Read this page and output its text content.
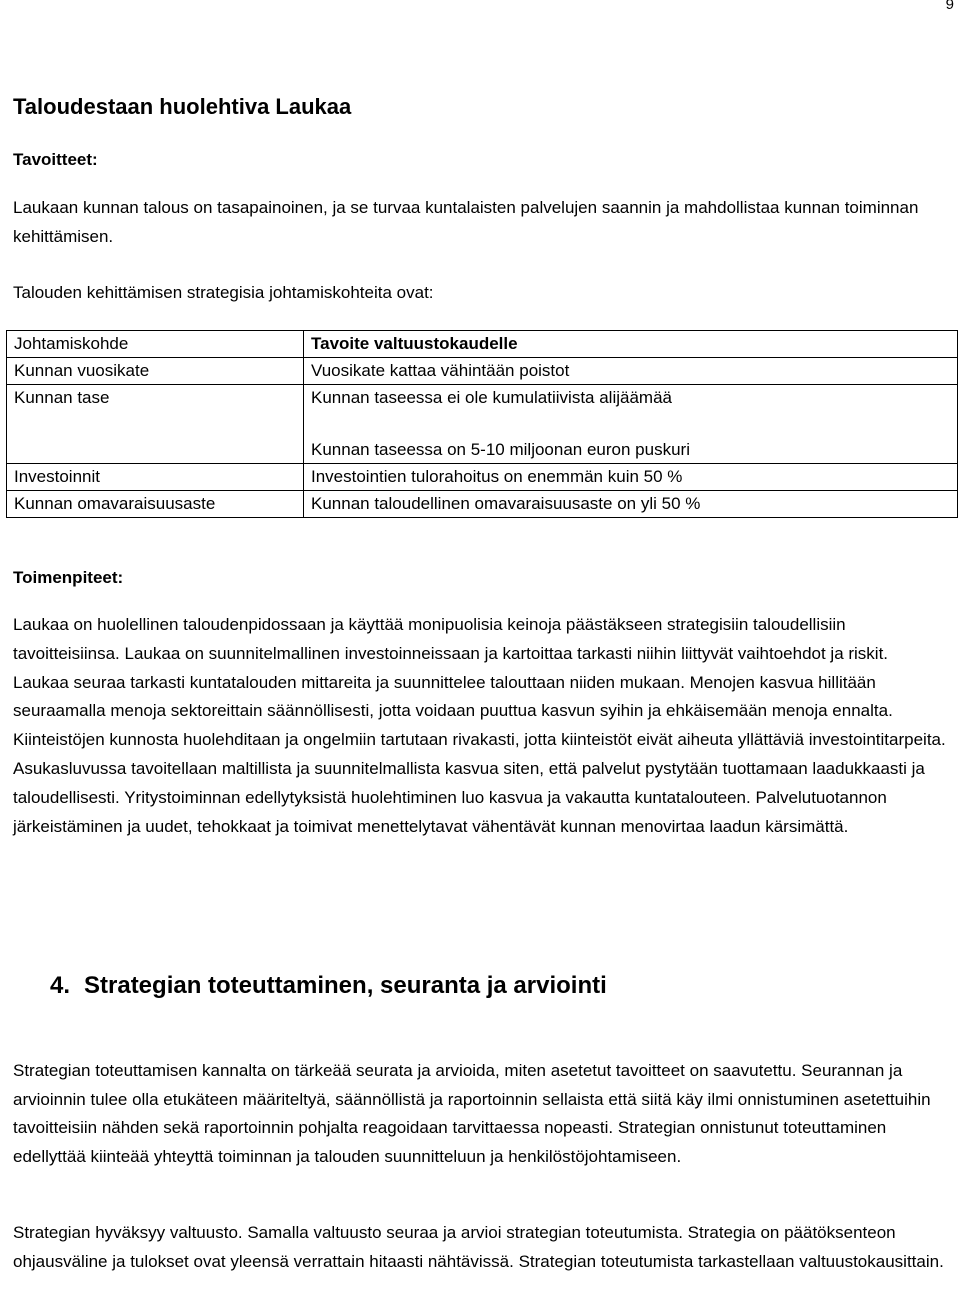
9
Taloudestaan huolehtiva Laukaa
Tavoitteet:

Laukaan kunnan talous on tasapainoinen, ja se turvaa kuntalaisten palvelujen saannin ja mahdollistaa kunnan toiminnan kehittämisen.

Talouden kehittämisen strategisia johtamiskohteita ovat:

Johtamiskohde	Tavoite valtuustokaudelle
Kunnan vuosikate	Vuosikate kattaa vähintään poistot
Kunnan tase	Kunnan taseessa ei ole kumulatiivista alijäämää
Kunnan taseessa on 5-10 miljoonan euron puskuri

Investoinnit	Investointien tulorahoitus on enemmän kuin 50 %
Kunnan omavaraisuusaste	Kunnan taloudellinen omavaraisuusaste on yli 50 %
Toimenpiteet:

Laukaa on huolellinen taloudenpidossaan ja käyttää monipuolisia keinoja päästäkseen strategisiin taloudellisiin tavoitteisiinsa. Laukaa on suunnitelmallinen investoinneissaan ja kartoittaa tarkasti niihin liittyvät vaihtoehdot ja riskit. Laukaa seuraa tarkasti kuntatalouden mittareita ja suunnittelee talouttaan niiden mukaan. Menojen kasvua hillitään seuraamalla menoja sektoreittain säännöllisesti, jotta voidaan puuttua kasvun syihin ja ehkäisemään menoja ennalta. Kiinteistöjen kunnosta huolehditaan ja ongelmiin tartutaan rivakasti, jotta kiinteistöt eivät aiheuta yllättäviä investointitarpeita. Asukasluvussa tavoitellaan maltillista ja suunnitelmallista kasvua siten, että palvelut pystytään tuottamaan laadukkaasti ja taloudellisesti. Yritystoiminnan edellytyksistä huolehtiminen luo kasvua ja vakautta kuntatalouteen. Palvelutuotannon järkeistäminen ja uudet, tehokkaat ja toimivat menettelytavat vähentävät kunnan menovirtaa laadun kärsimättä.

4. Strategian toteuttaminen, seuranta ja arviointi

Strategian toteuttamisen kannalta on tärkeää seurata ja arvioida, miten asetetut tavoitteet on saavutettu. Seurannan ja arvioinnin tulee olla etukäteen määriteltyä, säännöllistä ja raportoinnin sellaista että siitä käy ilmi onnistuminen asetettuihin tavoitteisiin nähden sekä raportoinnin pohjalta reagoidaan tarvittaessa nopeasti. Strategian onnistunut toteuttaminen edellyttää kiinteää yhteyttä toiminnan ja talouden suunnitteluun ja henkilöstöjohtamiseen.

Strategian hyväksyy valtuusto. Samalla valtuusto seuraa ja arvioi strategian toteutumista. Strategia on päätöksenteon ohjausväline ja tulokset ovat yleensä verrattain hitaasti nähtävissä. Strategian toteutumista tarkastellaan valtuustokausittain.
